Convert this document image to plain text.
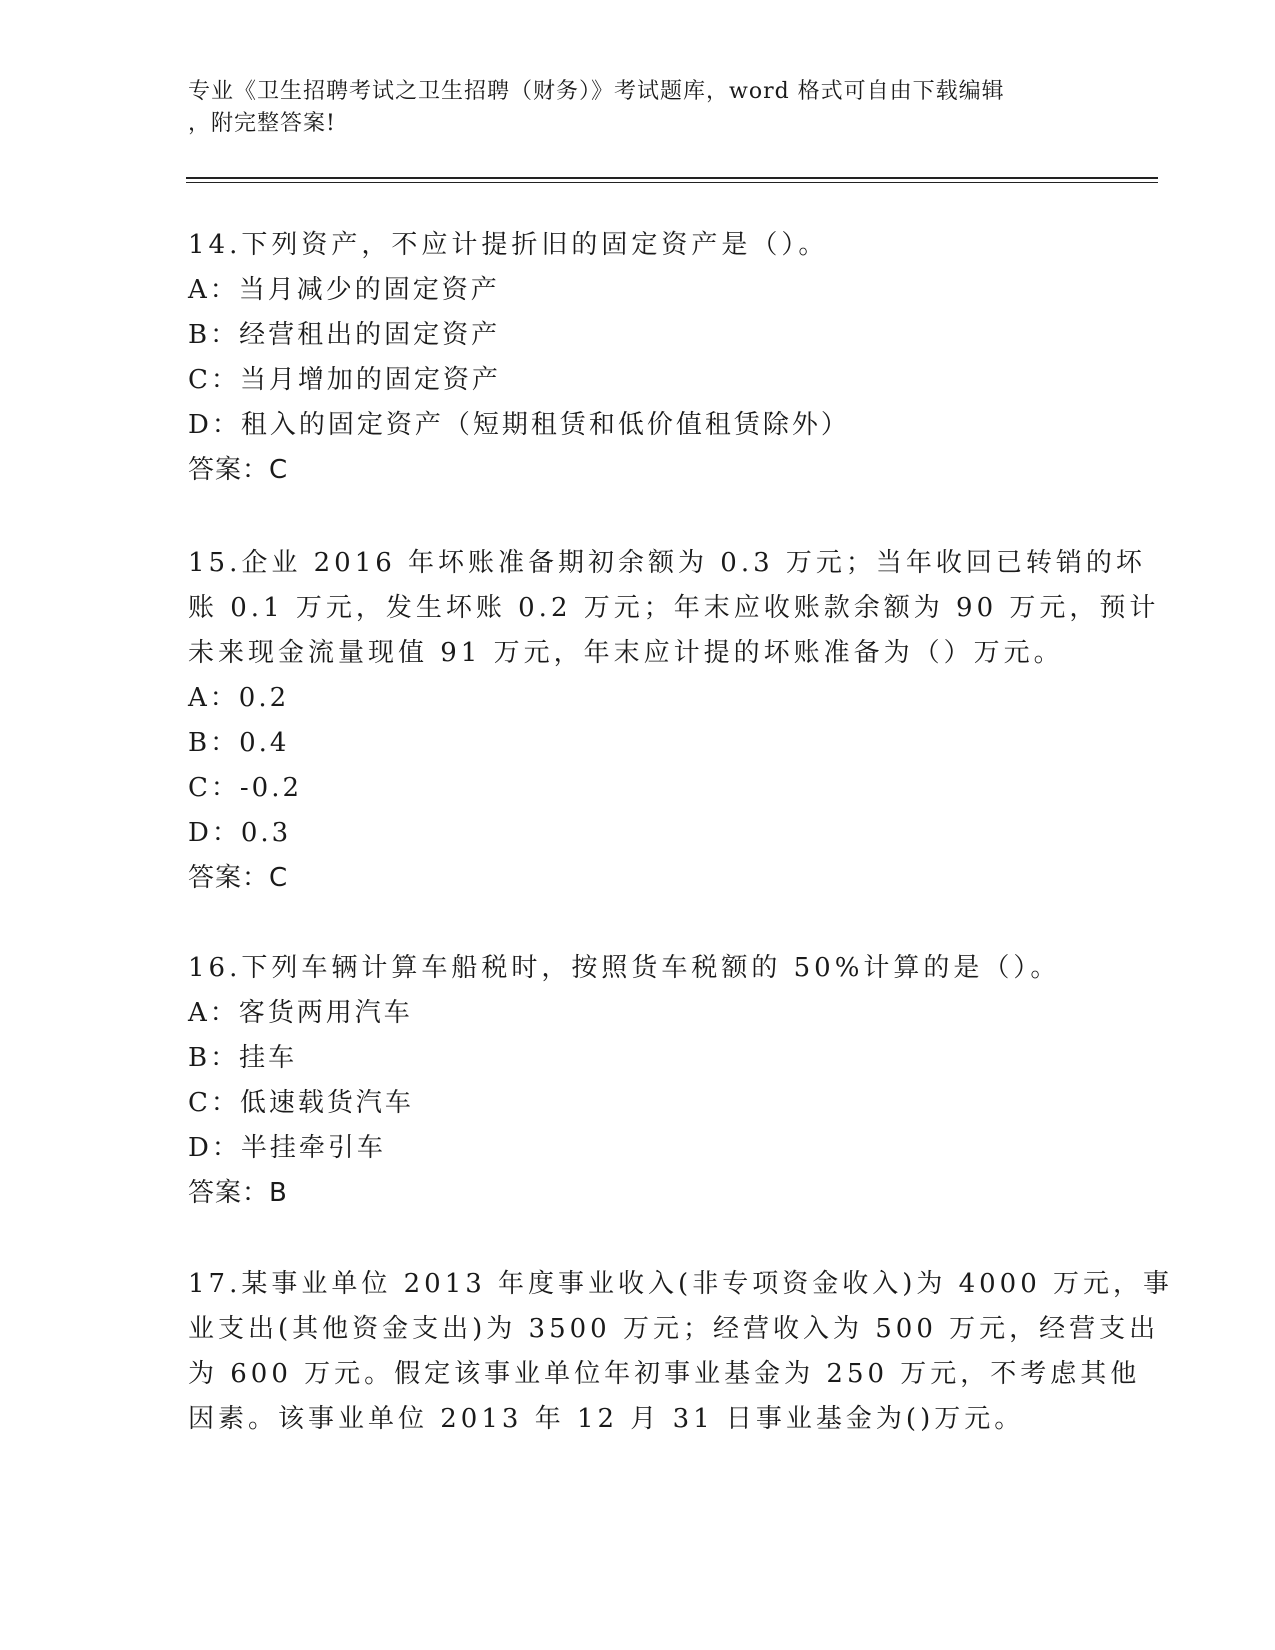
专业《卫生招聘考试之卫生招聘（财务）》考试题库，word 格式可自由下载编辑
，附完整答案!
14.下列资产，不应计提折旧的固定资产是（）。
A：当月减少的固定资产
B：经营租出的固定资产
C：当月增加的固定资产
D：租入的固定资产（短期租赁和低价值租赁除外）
答案：C
15.企业 2016 年坏账准备期初余额为 0.3 万元；当年收回已转销的坏
账 0.1 万元，发生坏账 0.2 万元；年末应收账款余额为 90 万元，预计
未来现金流量现值 91 万元，年末应计提的坏账准备为（）万元。
A：0.2
B：0.4
C：-0.2
D：0.3
答案：C
16.下列车辆计算车船税时，按照货车税额的 50%计算的是（）。
A：客货两用汽车
B：挂车
C：低速载货汽车
D：半挂牵引车
答案：B
17.某事业单位 2013 年度事业收入(非专项资金收入)为 4000 万元，事
业支出(其他资金支出)为 3500 万元；经营收入为 500 万元，经营支出
为 600 万元。假定该事业单位年初事业基金为 250 万元，不考虑其他
因素。该事业单位 2013 年 12 月 31 日事业基金为()万元。
